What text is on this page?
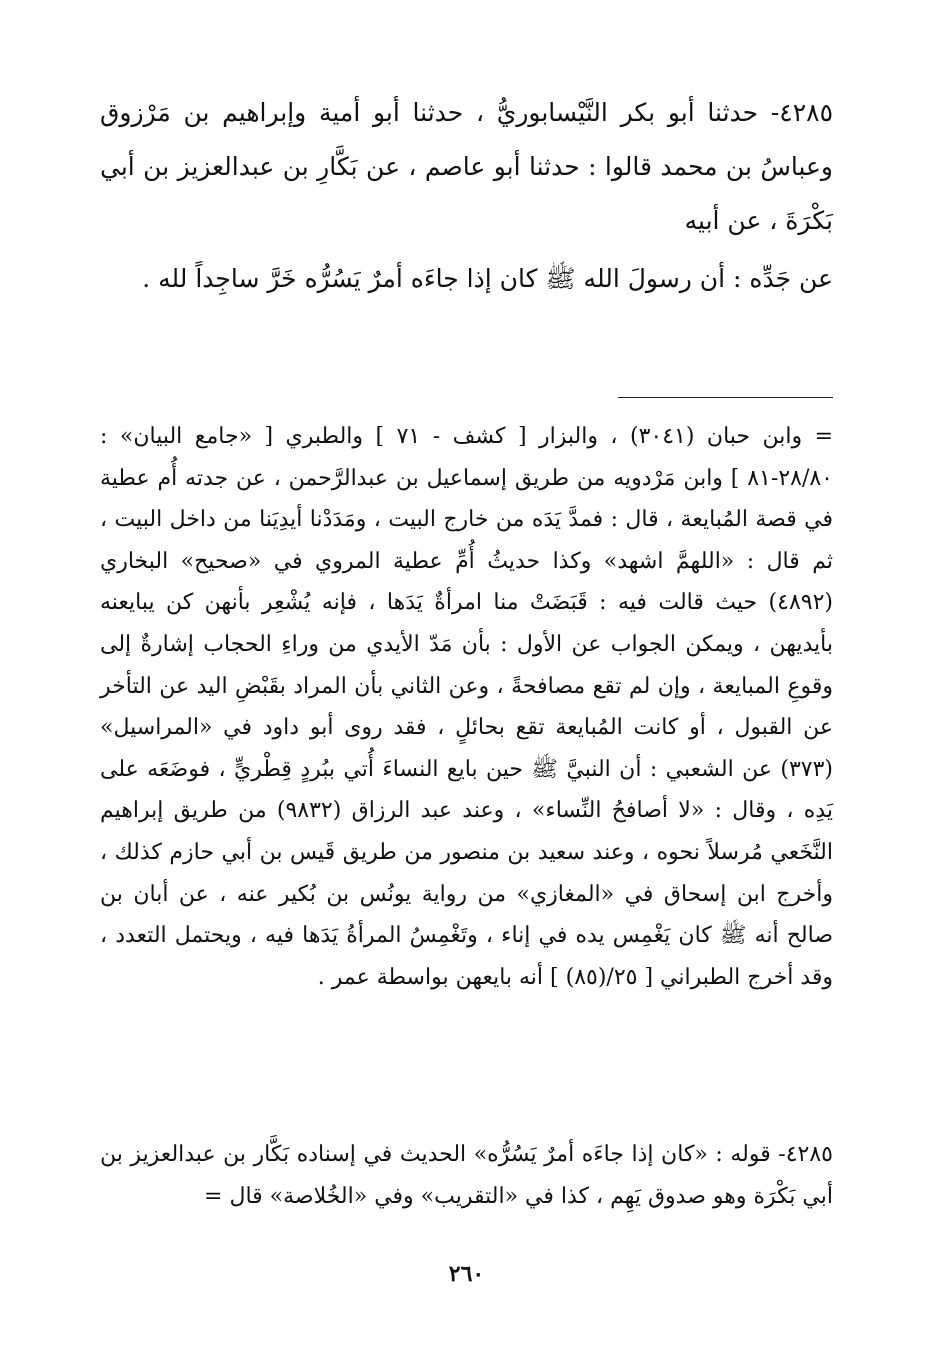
٤٢٨٥- حدثنا أبو بكر النَّيْسابوريُّ ، حدثنا أبو أمية وإبراهيم بن مَرْزوق وعباسُ بن محمد قالوا : حدثنا أبو عاصم ، عن بَكَّارِ بن عبدالعزيز بن أبي بَكْرَةَ ، عن أبيه

عن جَدِّه : أن رسولَ الله ﷺ كان إذا جاءَه أمرٌ يَسُرُّه خَرَّ ساجِداً لله .

= وابن حبان (٣٠٤١) ، والبزار [ كشف - ٧١ ] والطبري [ «جامع البيان» : ٢٨/٨٠-٨١ ] وابن مَرْدويه من طريق إسماعيل بن عبدالرَّحمن ، عن جدته أُم عطية في قصة المُبايعة ، قال : فمدَّ يَدَه من خارج البيت ، ومَدَدْنا أيدِيَنا من داخل البيت ، ثم قال : «اللهمَّ اشهد» وكذا حديثُ أُمِّ عطية المروي في «صحيح» البخاري (٤٨٩٢) حيث قالت فيه : قَبَضَتْ منا امرأةٌ يَدَها ، فإنه يُشْعِر بأنهن كن يبايعنه بأيديهن ، ويمكن الجواب عن الأول : بأن مَدّ الأيدي من وراءِ الحجاب إشارةٌ إلى وقوعِ المبايعة ، وإن لم تقع مصافحةً ، وعن الثاني بأن المراد بقَبْضِ اليد عن التأخر عن القبول ، أو كانت المُبايعة تقع بحائلٍ ، فقد روى أبو داود في «المراسيل» (٣٧٣) عن الشعبي : أن النبيَّ ﷺ حين بايع النساءَ أُتي ببُردٍ قِطْريٍّ ، فوضَعَه على يَدِه ، وقال : «لا أصافحُ النِّساء» ، وعند عبد الرزاق (٩٨٣٢) من طريق إبراهيم النَّخَعي مُرسلاً نحوه ، وعند سعيد بن منصور من طريق قَيس بن أبي حازم كذلك ، وأخرج ابن إسحاق في «المغازي» من رواية يونُس بن بُكير عنه ، عن أبان بن صالح أنه ﷺ كان يَغْمِس يده في إناء ، وتَغْمِسُ المرأةُ يَدَها فيه ، ويحتمل التعدد ، وقد أخرج الطبراني [ ٢٥/(٨٥) ] أنه بايعهن بواسطة عمر .

٤٢٨٥- قوله : «كان إذا جاءَه أمرٌ يَسُرُّه» الحديث في إسناده بَكَّار بن عبدالعزيز بن أبي بَكْرَة وهو صدوق يَهِم ، كذا في «التقريب» وفي «الخُلاصة» قال =

٢٦٠
